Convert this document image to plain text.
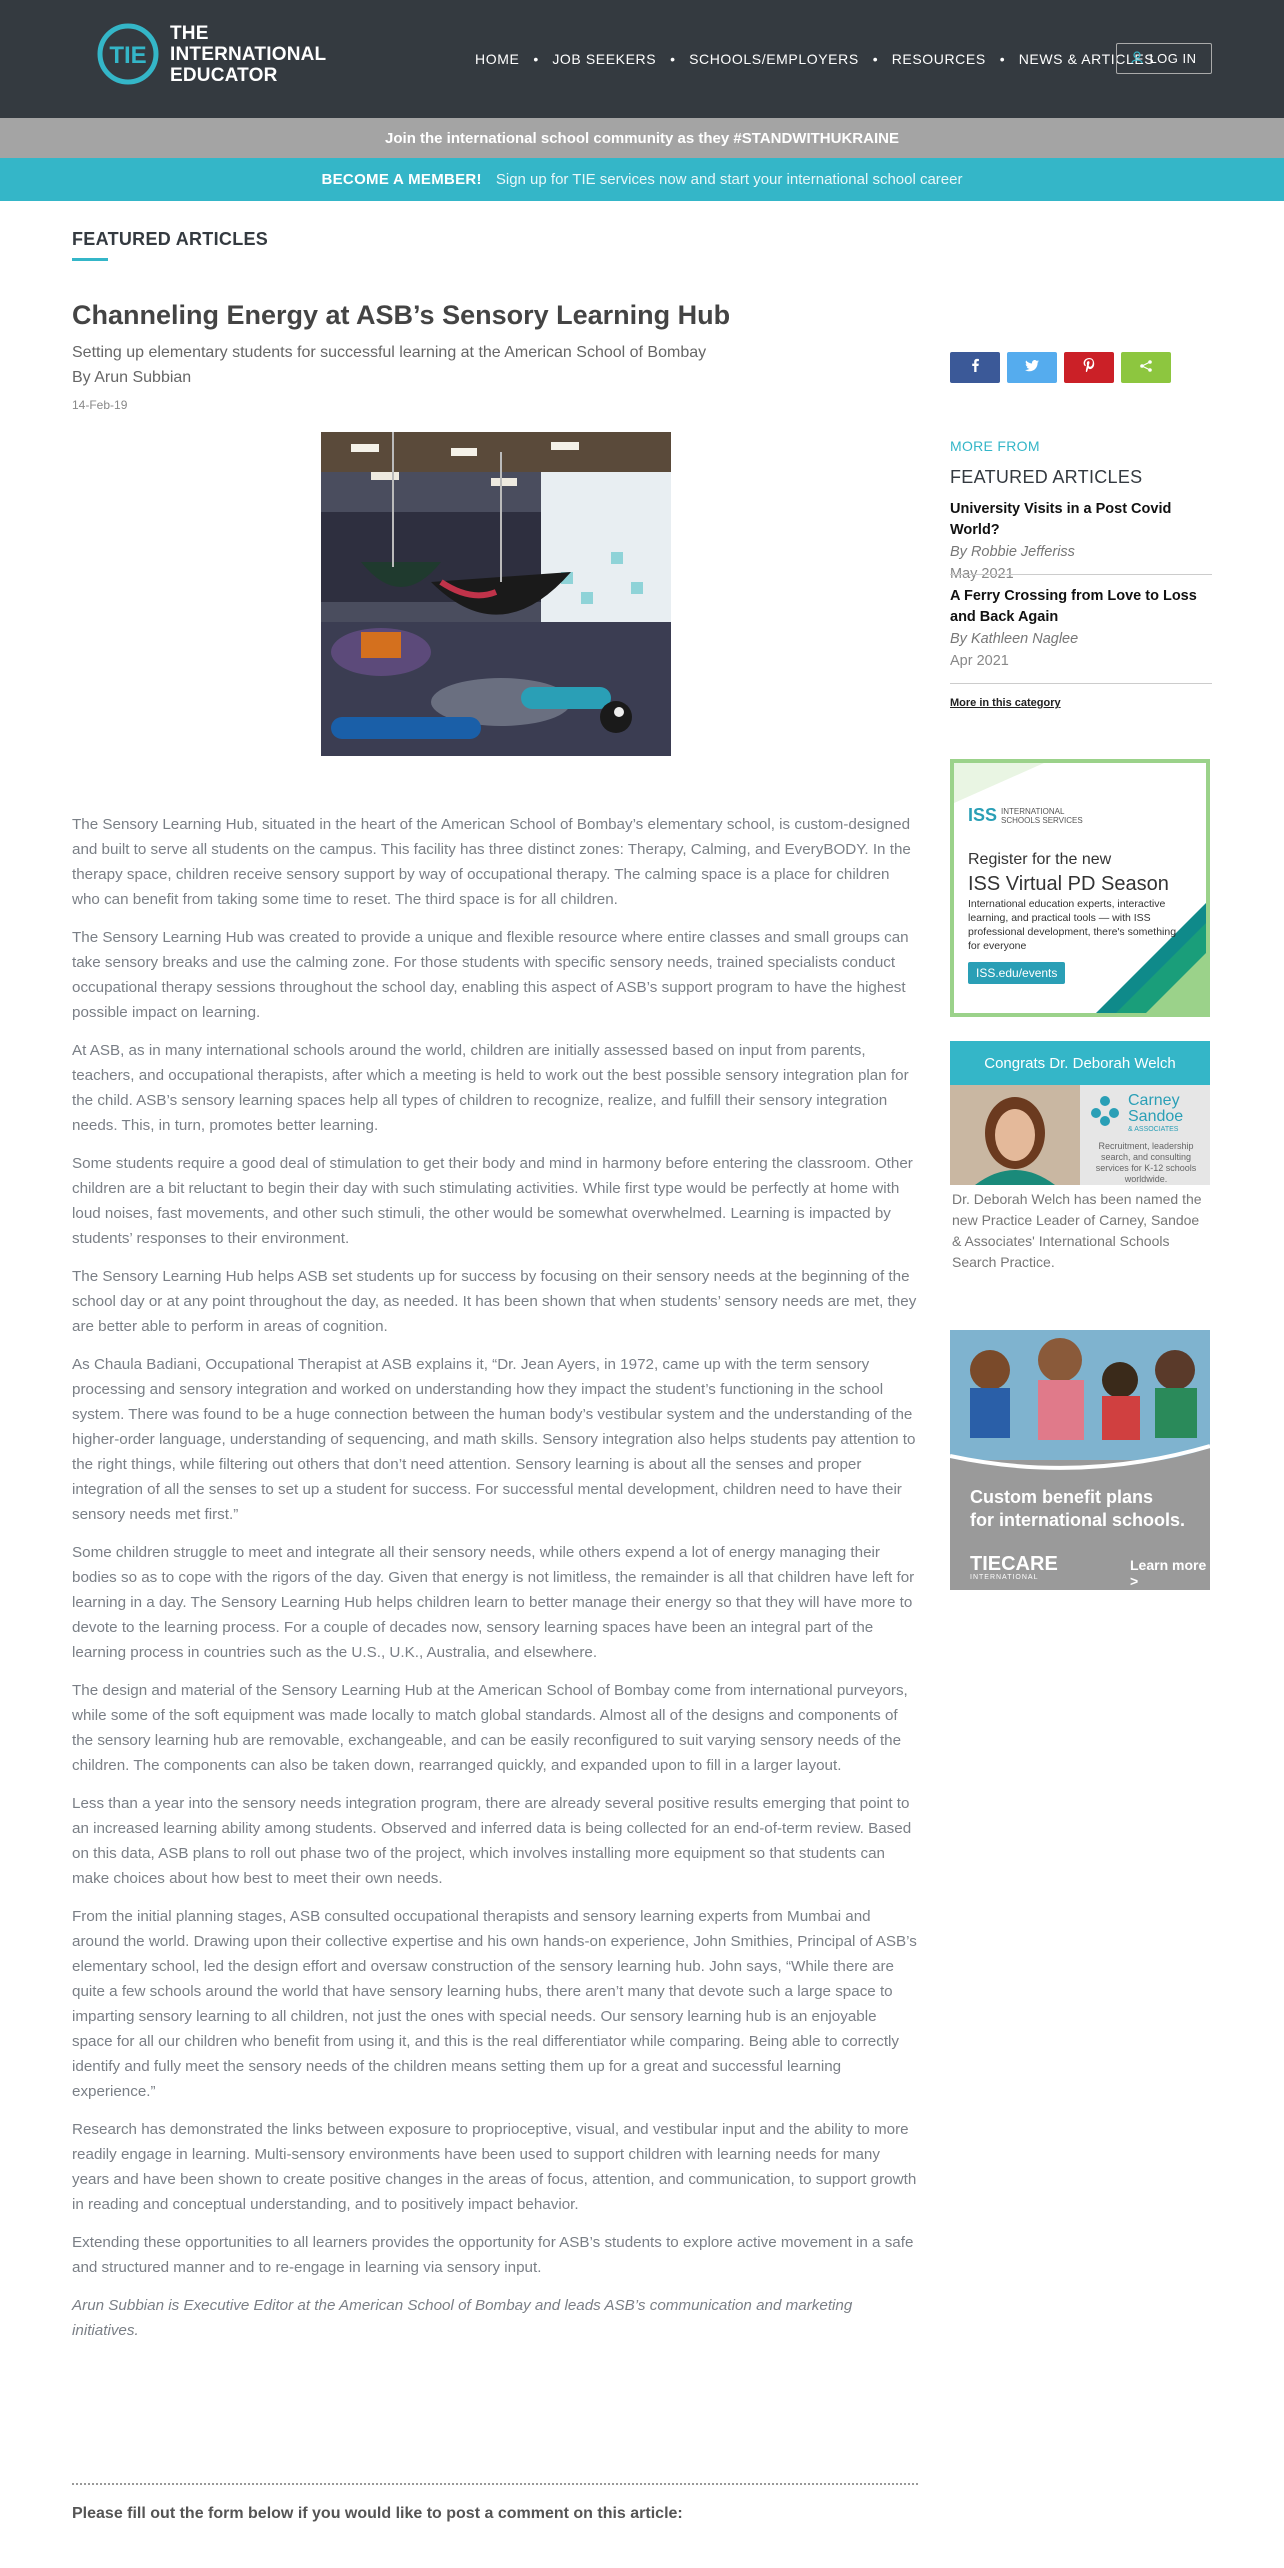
TIE
THE
INTERNATIONAL
EDUCATOR
HOME • JOB SEEKERS • SCHOOLS/EMPLOYERS • RESOURCES • NEWS & ARTICLES
LOG IN
Join the international school community as they #STANDWITHUKRAINE
BECOME A MEMBER! Sign up for TIE services now and start your international school career
FEATURED ARTICLES
Channeling Energy at ASB’s Sensory Learning Hub
Setting up elementary students for successful learning at the American School of Bombay
By Arun Subbian
14-Feb-19

The Sensory Learning Hub, situated in the heart of the American School of Bombay’s elementary school, is custom-designed and built to serve all students on the campus. This facility has three distinct zones: Therapy, Calming, and EveryBODY. In the therapy space, children receive sensory support by way of occupational therapy. The calming space is a place for children who can benefit from taking some time to reset. The third space is for all children.

The Sensory Learning Hub was created to provide a unique and flexible resource where entire classes and small groups can take sensory breaks and use the calming zone. For those students with specific sensory needs, trained specialists conduct occupational therapy sessions throughout the school day, enabling this aspect of ASB’s support program to have the highest possible impact on learning.

At ASB, as in many international schools around the world, children are initially assessed based on input from parents, teachers, and occupational therapists, after which a meeting is held to work out the best possible sensory integration plan for the child. ASB’s sensory learning spaces help all types of children to recognize, realize, and fulfill their sensory integration needs. This, in turn, promotes better learning.

Some students require a good deal of stimulation to get their body and mind in harmony before entering the classroom. Other children are a bit reluctant to begin their day with such stimulating activities. While first type would be perfectly at home with loud noises, fast movements, and other such stimuli, the other would be somewhat overwhelmed. Learning is impacted by students’ responses to their environment.

The Sensory Learning Hub helps ASB set students up for success by focusing on their sensory needs at the beginning of the school day or at any point throughout the day, as needed. It has been shown that when students’ sensory needs are met, they are better able to perform in areas of cognition.

As Chaula Badiani, Occupational Therapist at ASB explains it, “Dr. Jean Ayers, in 1972, came up with the term sensory processing and sensory integration and worked on understanding how they impact the student’s functioning in the school system. There was found to be a huge connection between the human body’s vestibular system and the understanding of the higher-order language, understanding of sequencing, and math skills. Sensory integration also helps students pay attention to the right things, while filtering out others that don’t need attention. Sensory learning is about all the senses and proper integration of all the senses to set up a student for success. For successful mental development, children need to have their sensory needs met first.”

Some children struggle to meet and integrate all their sensory needs, while others expend a lot of energy managing their bodies so as to cope with the rigors of the day. Given that energy is not limitless, the remainder is all that children have left for learning in a day. The Sensory Learning Hub helps children learn to better manage their energy so that they will have more to devote to the learning process. For a couple of decades now, sensory learning spaces have been an integral part of the learning process in countries such as the U.S., U.K., Australia, and elsewhere.

The design and material of the Sensory Learning Hub at the American School of Bombay come from international purveyors, while some of the soft equipment was made locally to match global standards. Almost all of the designs and components of the sensory learning hub are removable, exchangeable, and can be easily reconfigured to suit varying sensory needs of the children. The components can also be taken down, rearranged quickly, and expanded upon to fill in a larger layout.

Less than a year into the sensory needs integration program, there are already several positive results emerging that point to an increased learning ability among students. Observed and inferred data is being collected for an end-of-term review. Based on this data, ASB plans to roll out phase two of the project, which involves installing more equipment so that students can make choices about how best to meet their own needs.

From the initial planning stages, ASB consulted occupational therapists and sensory learning experts from Mumbai and around the world. Drawing upon their collective expertise and his own hands-on experience, John Smithies, Principal of ASB’s elementary school, led the design effort and oversaw construction of the sensory learning hub. John says, “While there are quite a few schools around the world that have sensory learning hubs, there aren’t many that devote such a large space to imparting sensory learning to all children, not just the ones with special needs. Our sensory learning hub is an enjoyable space for all our children who benefit from using it, and this is the real differentiator while comparing. Being able to correctly identify and fully meet the sensory needs of the children means setting them up for a great and successful learning experience.”

Research has demonstrated the links between exposure to proprioceptive, visual, and vestibular input and the ability to more readily engage in learning. Multi-sensory environments have been used to support children with learning needs for many years and have been shown to create positive changes in the areas of focus, attention, and communication, to support growth in reading and conceptual understanding, and to positively impact behavior.

Extending these opportunities to all learners provides the opportunity for ASB’s students to explore active movement in a safe and structured manner and to re-engage in learning via sensory input.

Arun Subbian is Executive Editor at the American School of Bombay and leads ASB’s communication and marketing initiatives.

Please fill out the form below if you would like to post a comment on this article:
MORE FROM
FEATURED ARTICLES
University Visits in a Post Covid World?
By Robbie Jefferiss
May 2021
A Ferry Crossing from Love to Loss and Back Again
By Kathleen Naglee
Apr 2021
More in this category
ISS INTERNATIONAL
SCHOOLS SERVICES
Register for the new
ISS Virtual PD Season
International education experts, interactive learning, and practical tools — with ISS professional development, there's something for everyone
ISS.edu/events
Congrats Dr. Deborah Welch
Carney
Sandoe
& ASSOCIATES
Recruitment, leadership search, and consulting services for K-12 schools worldwide.
Dr. Deborah Welch has been named the new Practice Leader of Carney, Sandoe & Associates' International Schools Search Practice.
Custom benefit plans
for international schools.
TIECARE
INTERNATIONAL
Learn more >
